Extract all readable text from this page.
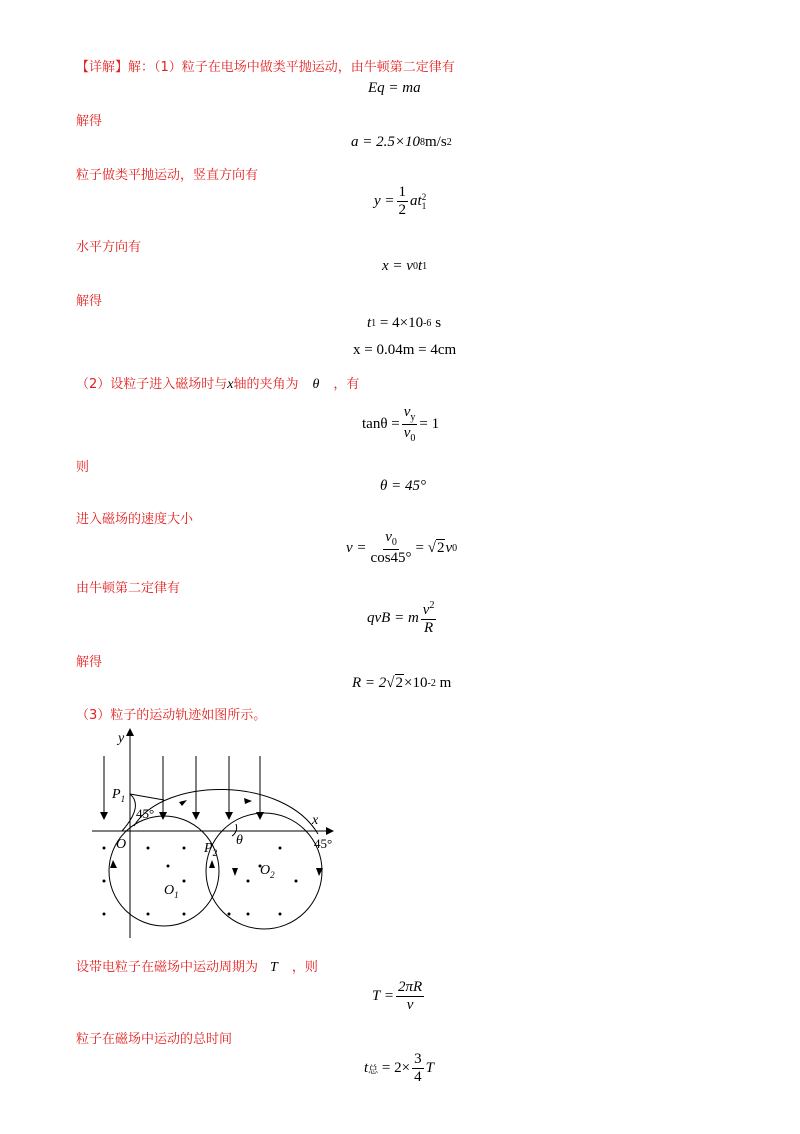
【详解】解：（1）粒子在电场中做类平抛运动，由牛顿第二定律有
解得
粒子做类平抛运动，竖直方向有
水平方向有
解得
（2）设粒子进入磁场时与x轴的夹角为 θ ，有
则
进入磁场的速度大小
由牛顿第二定律有
解得
（3）粒子的运动轨迹如图所示。
设带电粒子在磁场中运动周期为 T ，则
粒子在磁场中运动的总时间
Eq = ma
a = 2.5×10 8 m/s 2
$y = \frac{1}{2}$ at 2
1
x = v 0 t 1
t 1
= 4×10 -6
s
x = 0.04m = 4cm
$\tan\theta = \frac{v_y}{v_0} = 1$
θ = 45°
$v = \frac{v_0}{\cos 45^\circ}$ = √ 2 v 0
qvB = m $\frac{v^2}{R}$
R = 2 √ 2 ×10 -2
m
$T = \frac{2\pi R}{v}$
t 总
= $2\times \frac{3}{4}$ T
y
x
O
$P_1$
$P_2$
$O_1$
$O_2$
45°
45°
θ
